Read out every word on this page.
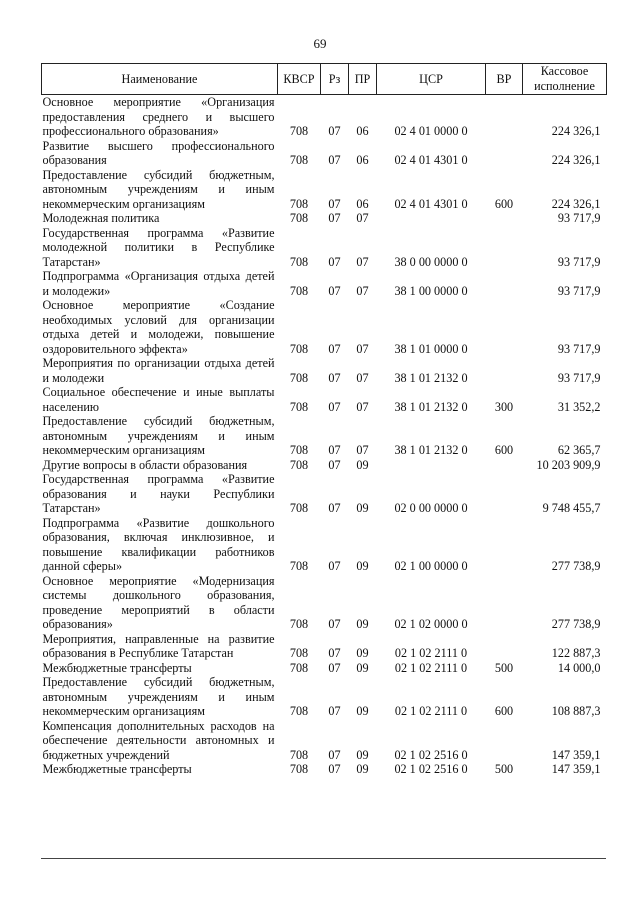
69
Наименование	КВСР	Рз	ПР	ЦСР	ВР	Кассовое исполнение
Основное мероприятие «Организация предоставления среднего и высшего профессионального образования»	708	07	06	02 4 01 0000 0		224 326,1
Развитие высшего профессионального образования	708	07	06	02 4 01 4301 0		224 326,1
Предоставление субсидий бюджетным, автономным учреждениям и иным некоммерческим организациям	708	07	06	02 4 01 4301 0	600	224 326,1
Молодежная политика	708	07	07			93 717,9
Государственная программа «Развитие молодежной политики в Республике Татарстан»	708	07	07	38 0 00 0000 0		93 717,9
Подпрограмма «Организация отдыха детей и молодежи»	708	07	07	38 1 00 0000 0		93 717,9
Основное мероприятие «Создание необходимых условий для организации отдыха детей и молодежи, повышение оздоровительного эффекта»	708	07	07	38 1 01 0000 0		93 717,9
Мероприятия по организации отдыха детей и молодежи	708	07	07	38 1 01 2132 0		93 717,9
Социальное обеспечение и иные выплаты населению	708	07	07	38 1 01 2132 0	300	31 352,2
Предоставление субсидий бюджетным, автономным учреждениям и иным некоммерческим организациям	708	07	07	38 1 01 2132 0	600	62 365,7
Другие вопросы в области образования	708	07	09			10 203 909,9
Государственная программа «Развитие образования и науки Республики Татарстан»	708	07	09	02 0 00 0000 0		9 748 455,7
Подпрограмма «Развитие дошкольного образования, включая инклюзивное, и повышение квалификации работников данной сферы»	708	07	09	02 1 00 0000 0		277 738,9
Основное мероприятие «Модернизация системы дошкольного образования, проведение мероприятий в области образования»	708	07	09	02 1 02 0000 0		277 738,9
Мероприятия, направленные на развитие образования в Республике Татарстан	708	07	09	02 1 02 2111 0		122 887,3
Межбюджетные трансферты	708	07	09	02 1 02 2111 0	500	14 000,0
Предоставление субсидий бюджетным, автономным учреждениям и иным некоммерческим организациям	708	07	09	02 1 02 2111 0	600	108 887,3
Компенсация дополнительных расходов на обеспечение деятельности автономных и бюджетных учреждений	708	07	09	02 1 02 2516 0		147 359,1
Межбюджетные трансферты	708	07	09	02 1 02 2516 0	500	147 359,1
